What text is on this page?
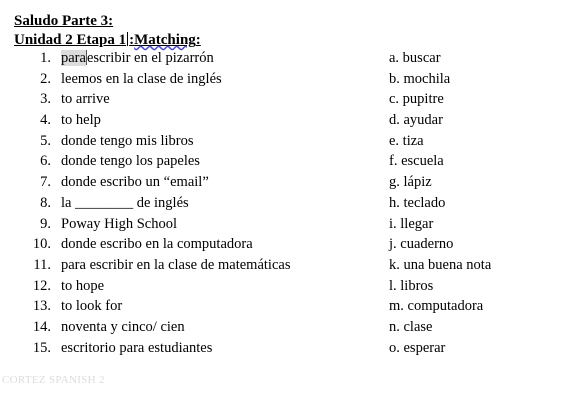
Saludo Parte 3:
Unidad 2 Etapa 1 :Matching:
1. paraescribir en el pizarrón	a. buscar
2. leemos en la clase de inglés	b. mochila
3. to arrive	c. pupitre
4. to help	d. ayudar
5. donde tengo mis libros	e. tiza
6. donde tengo los papeles	f. escuela
7. donde escribo un “email”	g. lápiz
8. la ________ de inglés	h. teclado
9. Poway High School	i. llegar
10. donde escribo en la computadora	j. cuaderno
11. para escribir en la clase de matemáticas	k. una buena nota
12. to hope	l. libros
13. to look for	m. computadora
14. noventa y cinco/ cien	n. clase
15. escritorio para estudiantes	o. esperar
CORTEZ SPANISH 2
